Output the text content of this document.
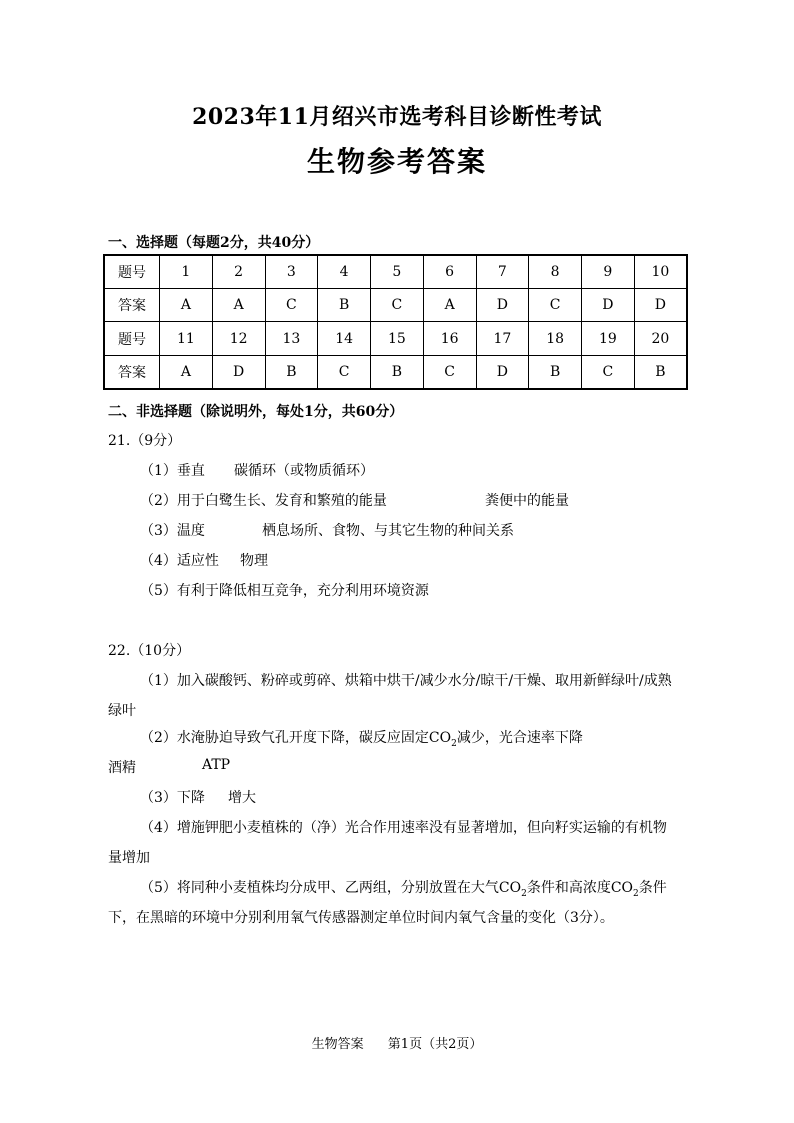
2023年11月绍兴市选考科目诊断性考试
生物参考答案
一、选择题（每题2分，共40分）
题号	1	2	3	4	5	6	7	8	9	10
答案	A	A	C	B	C	A	D	C	D	D
题号	11	12	13	14	15	16	17	18	19	20
答案	A	D	B	C	B	C	D	B	C	B
二、非选择题（除说明外，每处1分，共60分）
21.（9分）
（1）垂直 碳循环（或物质循环）
（2）用于白鹭生长、发育和繁殖的能量	粪便中的能量
（3）温度	栖息场所、食物、与其它生物的种间关系
（4）适应性 物理
（5）有利于降低相互竞争，充分利用环境资源
22.（10分）
（1）加入碳酸钙、粉碎或剪碎、烘箱中烘干/减少水分/晾干/干燥、取用新鲜绿叶/成熟
绿叶
（2）水淹胁迫导致气孔开度下降，碳反应固定$CO_2$减少，光合速率下降
酒精	ATP
（3）下降 增大
（4）增施钾肥小麦植株的（净）光合作用速率没有显著增加，但向籽实运输的有机物
量增加
（5）将同种小麦植株均分成甲、乙两组，分别放置在大气$CO_2$条件和高浓度$CO_2$条件
下，在黑暗的环境中分别利用氧气传感器测定单位时间内氧气含量的变化（3分）。
生物答案 第1页（共2页）
